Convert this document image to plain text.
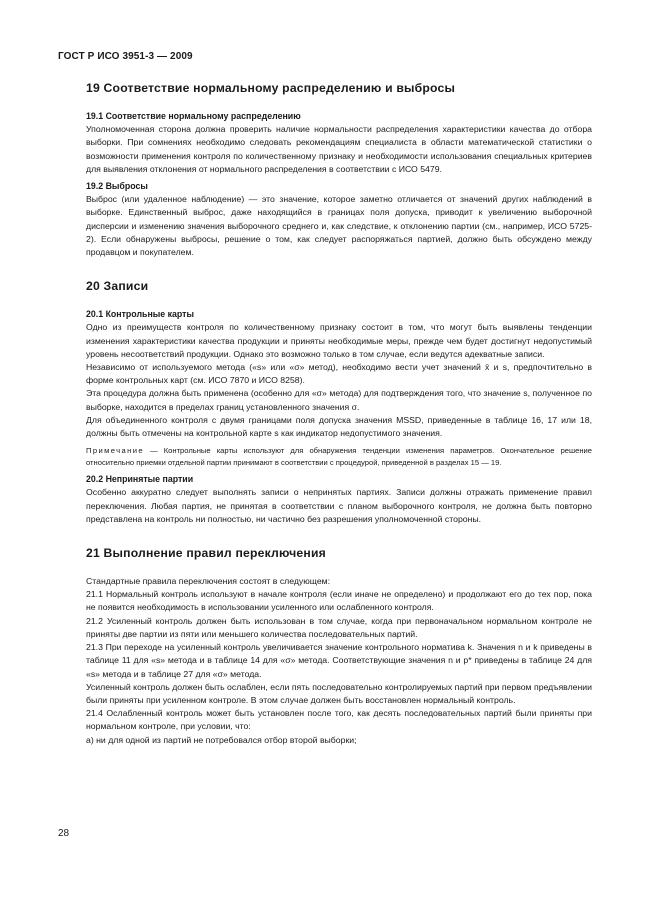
ГОСТ Р ИСО 3951-3 — 2009
19 Соответствие нормальному распределению и выбросы
19.1 Соответствие нормальному распределению

Уполномоченная сторона должна проверить наличие нормальности распределения характеристики качества до отбора выборки. При сомнениях необходимо следовать рекомендациям специалиста в области математической статистики о возможности применения контроля по количественному признаку и необходимости использования специальных критериев для выявления отклонения от нормального распределения в соответствии с ИСО 5479.

19.2 Выбросы

Выброс (или удаленное наблюдение) — это значение, которое заметно отличается от значений других наблюдений в выборке. Единственный выброс, даже находящийся в границах поля допуска, приводит к увеличению выборочной дисперсии и изменению значения выборочного среднего и, как следствие, к отклонению партии (см., например, ИСО 5725-2). Если обнаружены выбросы, решение о том, как следует распоряжаться партией, должно быть обсуждено между продавцом и покупателем.

20 Записи
20.1 Контрольные карты

Одно из преимуществ контроля по количественному признаку состоит в том, что могут быть выявлены тенденции изменения характеристики качества продукции и приняты необходимые меры, прежде чем будет достигнут недопустимый уровень несоответствий продукции. Однако это возможно только в том случае, если ведутся адекватные записи.

Независимо от используемого метода («s» или «σ» метод), необходимо вести учет значений x̄ и s, предпочтительно в форме контрольных карт (см. ИСО 7870 и ИСО 8258).

Эта процедура должна быть применена (особенно для «σ» метода) для подтверждения того, что значение s, полученное по выборке, находится в пределах границ установленного значения σ.

Для объединенного контроля с двумя границами поля допуска значения MSSD, приведенные в таблице 16, 17 или 18, должны быть отмечены на контрольной карте s как индикатор недопустимого значения.

Примечание — Контрольные карты используют для обнаружения тенденции изменения параметров. Окончательное решение относительно приемки отдельной партии принимают в соответствии с процедурой, приведенной в разделах 15 — 19.
20.2 Непринятые партии

Особенно аккуратно следует выполнять записи о непринятых партиях. Записи должны отражать применение правил переключения. Любая партия, не принятая в соответствии с планом выборочного контроля, не должна быть повторно представлена на контроль ни полностью, ни частично без разрешения уполномоченной стороны.

21 Выполнение правил переключения

Стандартные правила переключения состоят в следующем:

21.1 Нормальный контроль используют в начале контроля (если иначе не определено) и продолжают его до тех пор, пока не появится необходимость в использовании усиленного или ослабленного контроля.

21.2 Усиленный контроль должен быть использован в том случае, когда при первоначальном нормальном контроле не приняты две партии из пяти или меньшего количества последовательных партий.

21.3 При переходе на усиленный контроль увеличивается значение контрольного норматива k. Значения n и k приведены в таблице 11 для «s» метода и в таблице 14 для «σ» метода. Соответствующие значения n и p* приведены в таблице 24 для «s» метода и в таблице 27 для «σ» метода.

Усиленный контроль должен быть ослаблен, если пять последовательно контролируемых партий при первом предъявлении были приняты при усиленном контроле. В этом случае должен быть восстановлен нормальный контроль.

21.4 Ослабленный контроль может быть установлен после того, как десять последовательных партий были приняты при нормальном контроле, при условии, что:

а) ни для одной из партий не потребовался отбор второй выборки;

28
